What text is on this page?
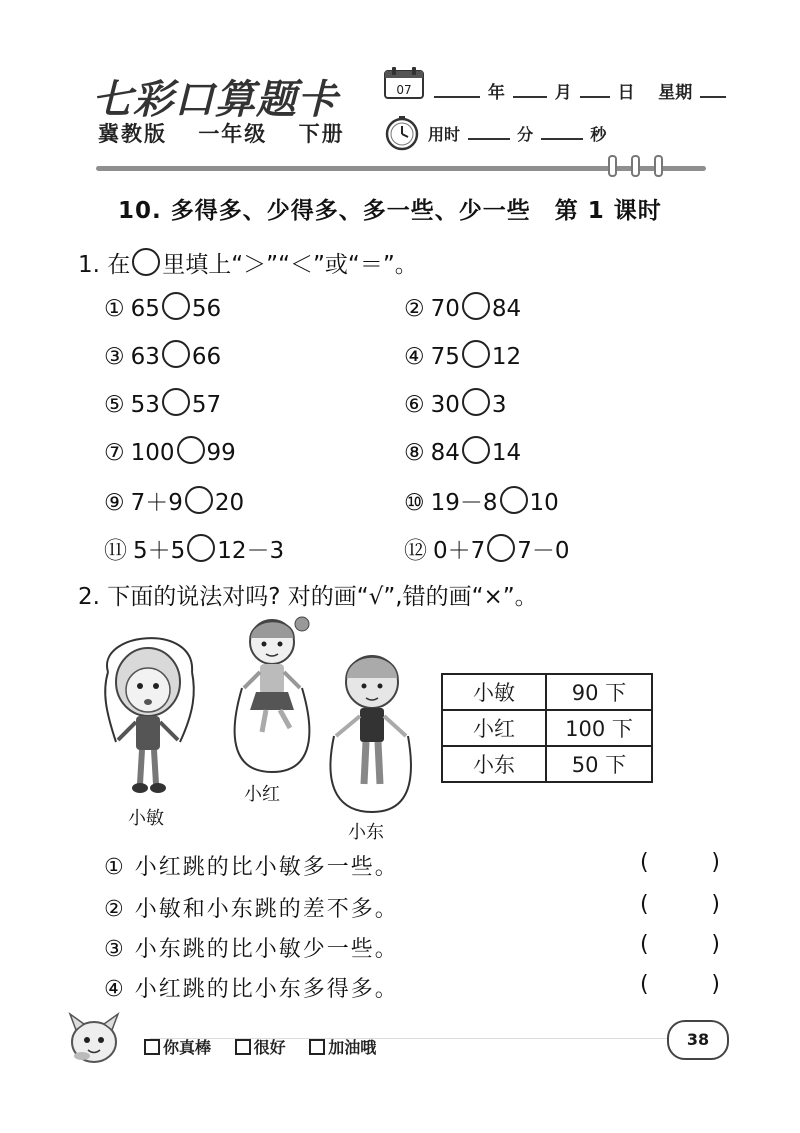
七彩口算题卡
冀教版 一年级 下册
07	年	月	日 星期
用时	分	秒
10. 多得多、少得多、多一些、少一些　第 1 课时
1. 在 里填上“＞”“＜”或“＝”。
① 65 56	② 70 84
③ 63 66	④ 75 12
⑤ 53 57	⑥ 30 3
⑦ 100 99	⑧ 84 14
⑨ 7＋9 20	⑩ 19－8 10
⑪ 5＋5 12－3	⑫ 0＋7 7－0
2. 下面的说法对吗? 对的画“√”,错的画“×”。
小敏
小红
小东
小敏	90 下
小红	100 下
小东	50 下
① 小红跳的比小敏多一些。	(	)
② 小敏和小东跳的差不多。	(	)
③ 小东跳的比小敏少一些。	(	)
④ 小红跳的比小东多得多。	(	)
你真棒	很好	加油哦	38
